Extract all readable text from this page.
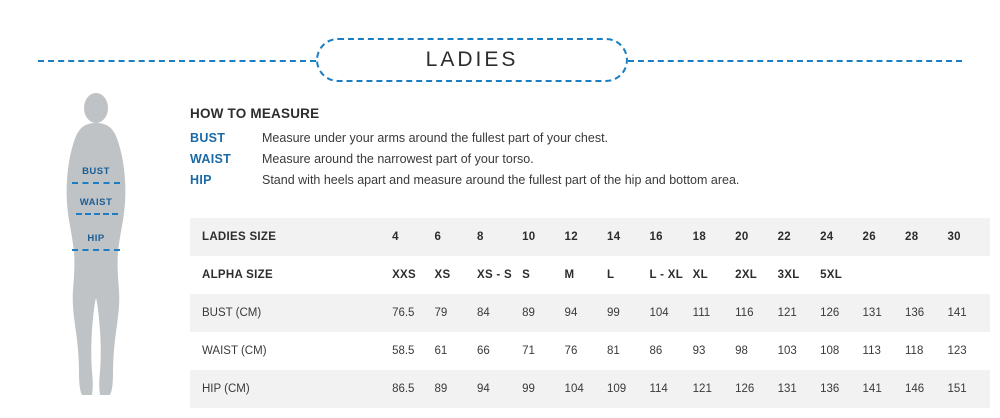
LADIES
BUST
WAIST
HIP
HOW TO MEASURE
BUST	Measure under your arms around the fullest part of your chest.
WAIST	Measure around the narrowest part of your torso.
HIP	Stand with heels apart and measure around the fullest part of the hip and bottom area.
LADIES SIZE	4	6	8	10	12	14	16	18	20	22	24	26	28	30
ALPHA SIZE	XXS	XS	XS - S	S	M	L	L - XL	XL	2XL	3XL	5XL			
BUST (CM)	76.5	79	84	89	94	99	104	111	116	121	126	131	136	141
WAIST (CM)	58.5	61	66	71	76	81	86	93	98	103	108	113	118	123
HIP (CM)	86.5	89	94	99	104	109	114	121	126	131	136	141	146	151
